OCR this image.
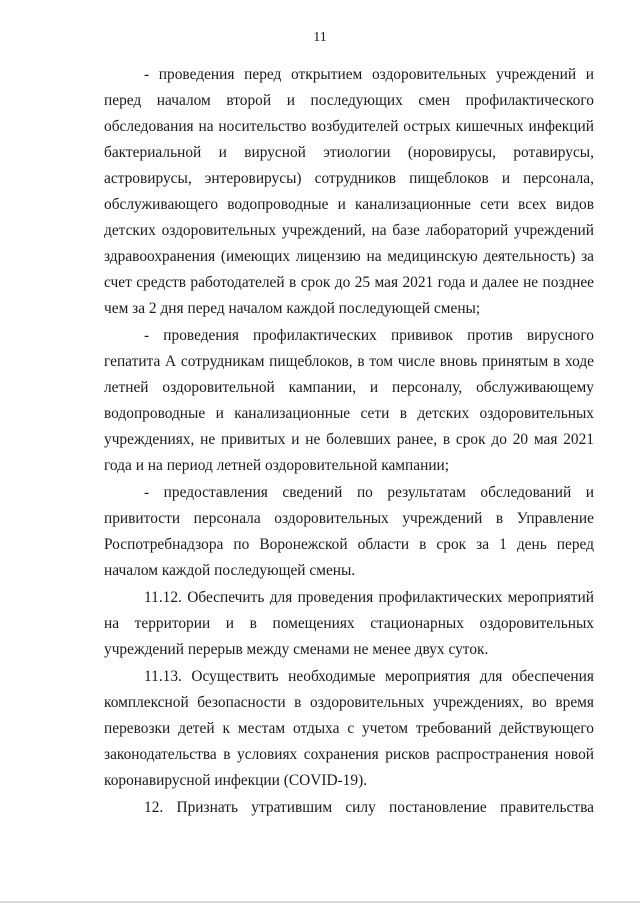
11

- проведения перед открытием оздоровительных учреждений и перед началом второй и последующих смен профилактического обследования на носительство возбудителей острых кишечных инфекций бактериальной и вирусной этиологии (норовирусы, ротавирусы, астровирусы, энтеровирусы) сотрудников пищеблоков и персонала, обслуживающего водопроводные и канализационные сети всех видов детских оздоровительных учреждений, на базе лабораторий учреждений здравоохранения (имеющих лицензию на медицинскую деятельность) за счет средств работодателей в срок до 25 мая 2021 года и далее не позднее чем за 2 дня перед началом каждой последующей смены;

- проведения профилактических прививок против вирусного гепатита А сотрудникам пищеблоков, в том числе вновь принятым в ходе летней оздоровительной кампании, и персоналу, обслуживающему водопроводные и канализационные сети в детских оздоровительных учреждениях, не привитых и не болевших ранее, в срок до 20 мая 2021 года и на период летней оздоровительной кампании;

- предоставления сведений по результатам обследований и привитости персонала оздоровительных учреждений в Управление Роспотребнадзора по Воронежской области в срок за 1 день перед началом каждой последующей смены.

11.12. Обеспечить для проведения профилактических мероприятий на территории и в помещениях стационарных оздоровительных учреждений перерыв между сменами не менее двух суток.

11.13. Осуществить необходимые мероприятия для обеспечения комплексной безопасности в оздоровительных учреждениях, во время перевозки детей к местам отдыха с учетом требований действующего законодательства в условиях сохранения рисков распространения новой коронавирусной инфекции (COVID-19).

12. Признать утратившим силу постановление правительства
